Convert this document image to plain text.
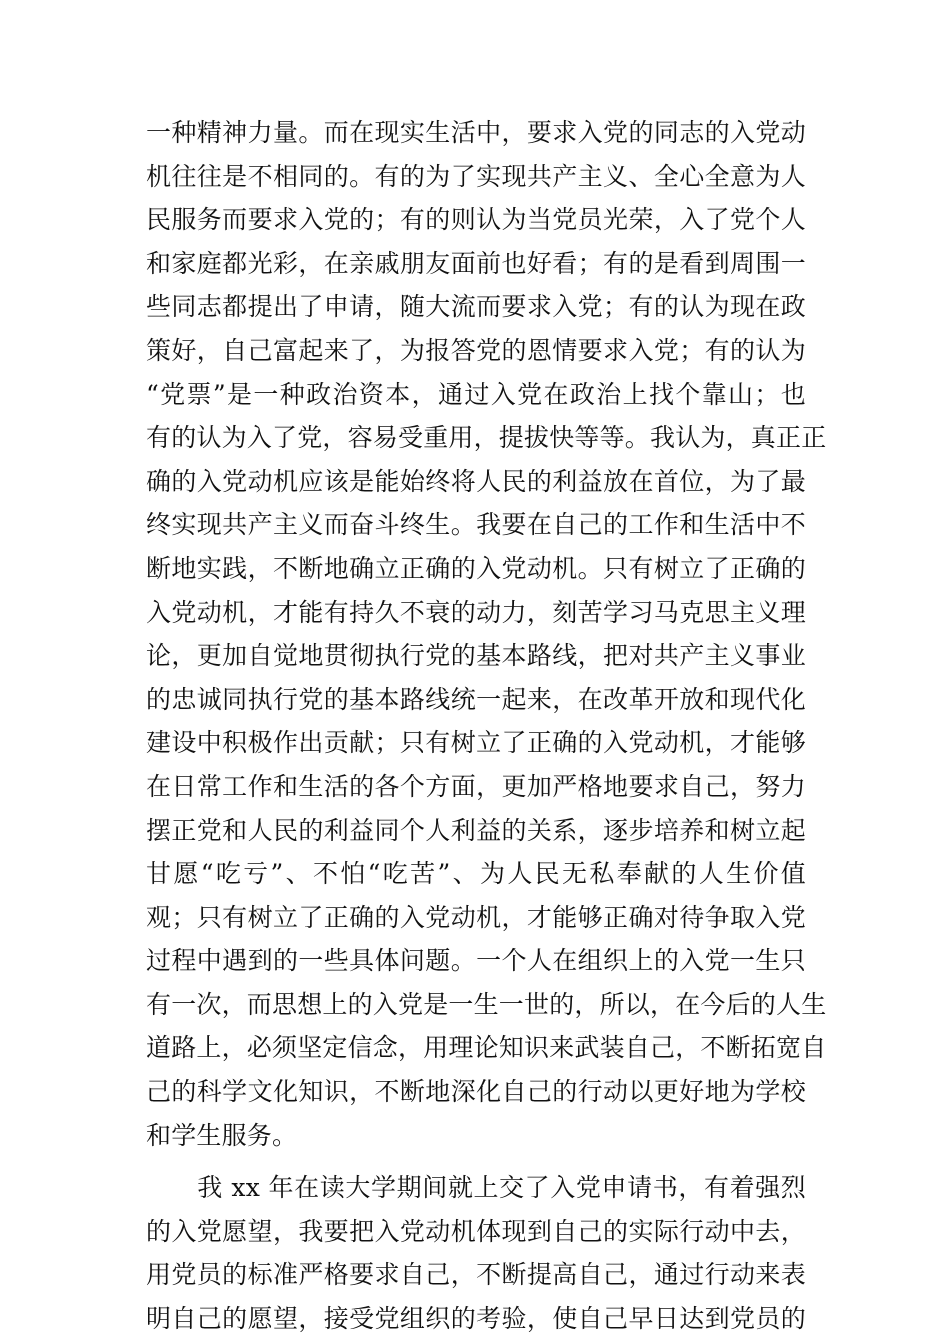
一种精神力量。而在现实生活中，要求入党的同志的入党动
机往往是不相同的。有的为了实现共产主义、全心全意为人
民服务而要求入党的；有的则认为当党员光荣，入了党个人
和家庭都光彩，在亲戚朋友面前也好看；有的是看到周围一
些同志都提出了申请，随大流而要求入党；有的认为现在政
策好，自己富起来了，为报答党的恩情要求入党；有的认为
“党票”是一种政治资本，通过入党在政治上找个靠山；也
有的认为入了党，容易受重用，提拔快等等。我认为，真正正
确的入党动机应该是能始终将人民的利益放在首位，为了最
终实现共产主义而奋斗终生。我要在自己的工作和生活中不
断地实践，不断地确立正确的入党动机。只有树立了正确的
入党动机，才能有持久不衰的动力，刻苦学习马克思主义理
论，更加自觉地贯彻执行党的基本路线，把对共产主义事业
的忠诚同执行党的基本路线统一起来，在改革开放和现代化
建设中积极作出贡献；只有树立了正确的入党动机，才能够
在日常工作和生活的各个方面，更加严格地要求自己，努力
摆正党和人民的利益同个人利益的关系，逐步培养和树立起
甘愿“吃亏”、不怕“吃苦”、为人民无私奉献的人生价值
观；只有树立了正确的入党动机，才能够正确对待争取入党
过程中遇到的一些具体问题。一个人在组织上的入党一生只
有一次，而思想上的入党是一生一世的，所以，在今后的人生
道路上，必须坚定信念，用理论知识来武装自己，不断拓宽自
己的科学文化知识，不断地深化自己的行动以更好地为学校
和学生服务。
　　我 xx 年在读大学期间就上交了入党申请书，有着强烈
的入党愿望，我要把入党动机体现到自己的实际行动中去，
用党员的标准严格要求自己，不断提高自己，通过行动来表
明自己的愿望，接受党组织的考验，使自己早日达到党员的
